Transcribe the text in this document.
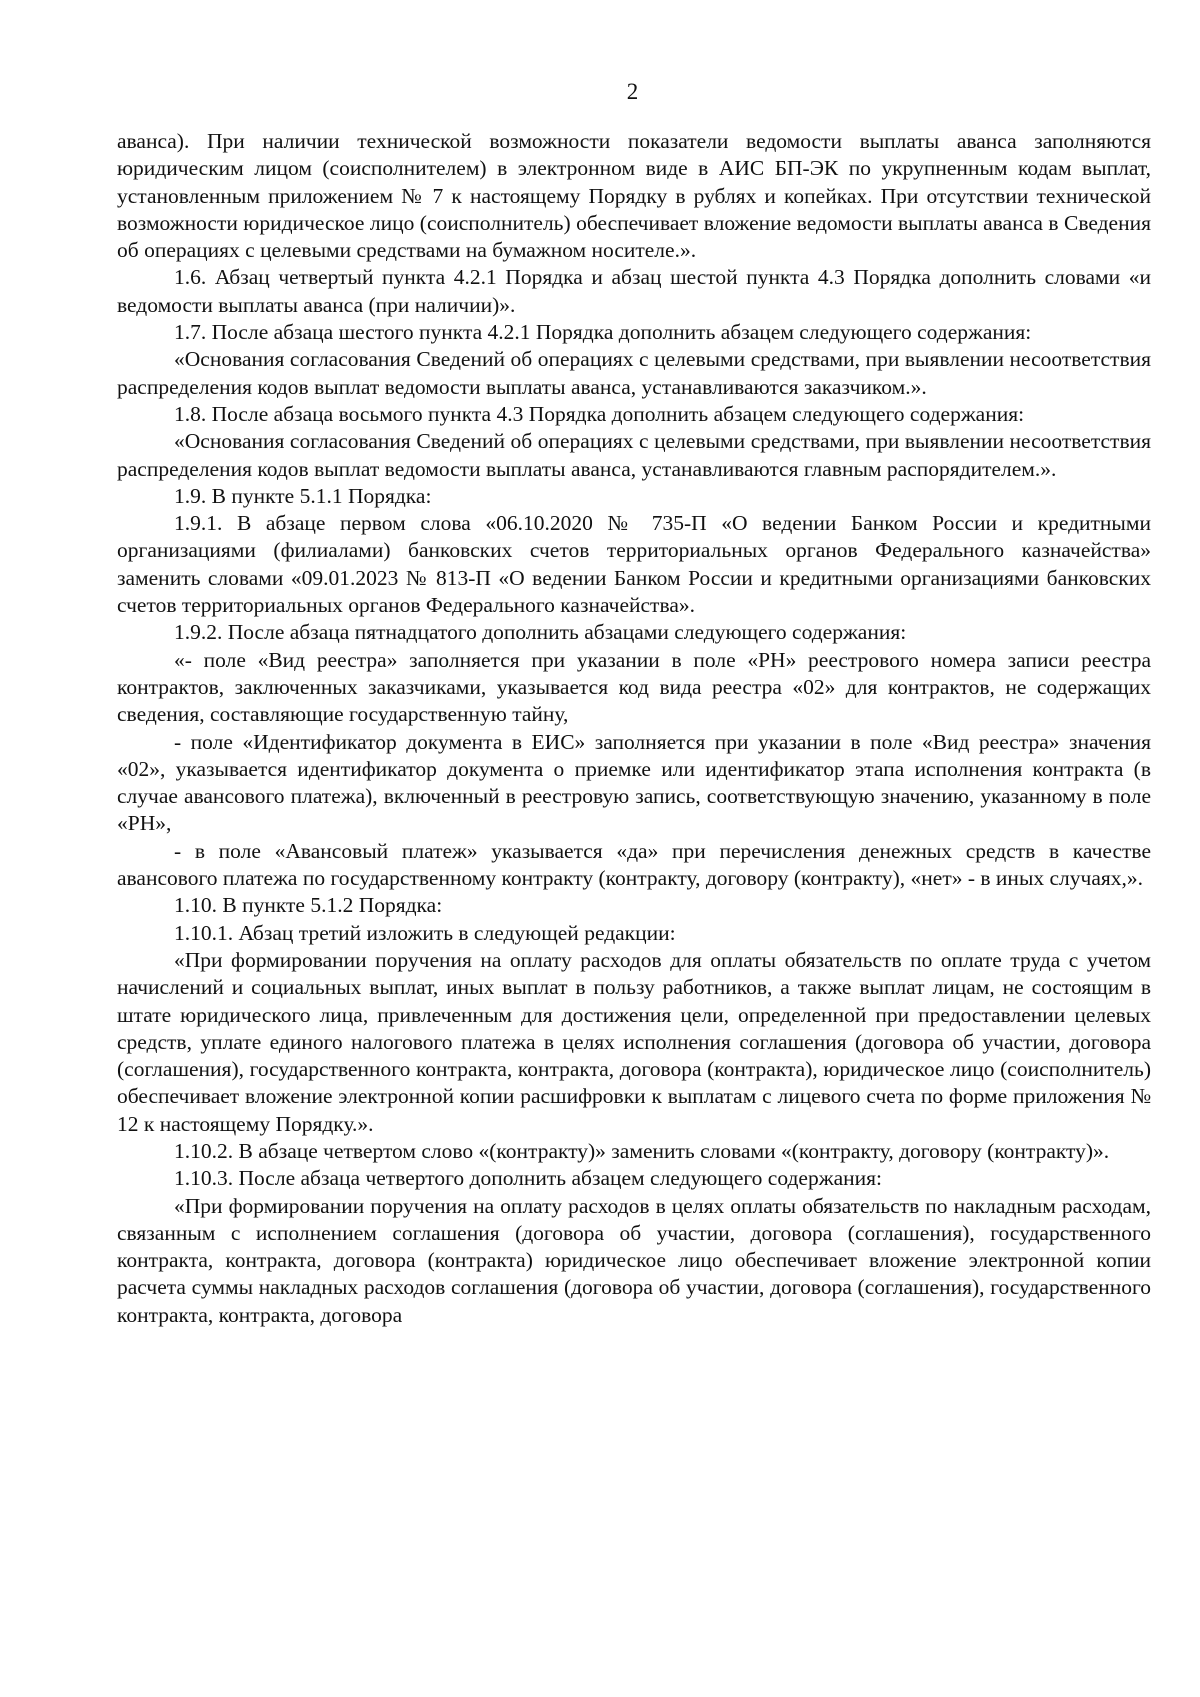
2

аванса). При наличии технической возможности показатели ведомости выплаты аванса заполняются юридическим лицом (соисполнителем) в электронном виде в АИС БП-ЭК по укрупненным кодам выплат, установленным приложением № 7 к настоящему Порядку в рублях и копейках. При отсутствии технической возможности юридическое лицо (соисполнитель) обеспечивает вложение ведомости выплаты аванса в Сведения об операциях с целевыми средствами на бумажном носителе.».

1.6. Абзац четвертый пункта 4.2.1 Порядка и абзац шестой пункта 4.3 Порядка дополнить словами «и ведомости выплаты аванса (при наличии)».

1.7. После абзаца шестого пункта 4.2.1 Порядка дополнить абзацем следующего содержания:

«Основания согласования Сведений об операциях с целевыми средствами, при выявлении несоответствия распределения кодов выплат ведомости выплаты аванса, устанавливаются заказчиком.».

1.8. После абзаца восьмого пункта 4.3 Порядка дополнить абзацем следующего содержания:

«Основания согласования Сведений об операциях с целевыми средствами, при выявлении несоответствия распределения кодов выплат ведомости выплаты аванса, устанавливаются главным распорядителем.».

1.9. В пункте 5.1.1 Порядка:

1.9.1. В абзаце первом слова «06.10.2020 № 735-П «О ведении Банком России и кредитными организациями (филиалами) банковских счетов территориальных органов Федерального казначейства» заменить словами «09.01.2023 № 813-П «О ведении Банком России и кредитными организациями банковских счетов территориальных органов Федерального казначейства».

1.9.2. После абзаца пятнадцатого дополнить абзацами следующего содержания:

«- поле «Вид реестра» заполняется при указании в поле «РН» реестрового номера записи реестра контрактов, заключенных заказчиками, указывается код вида реестра «02» для контрактов, не содержащих сведения, составляющие государственную тайну,

- поле «Идентификатор документа в ЕИС» заполняется при указании в поле «Вид реестра» значения «02», указывается идентификатор документа о приемке или идентификатор этапа исполнения контракта (в случае авансового платежа), включенный в реестровую запись, соответствующую значению, указанному в поле «РН»,

- в поле «Авансовый платеж» указывается «да» при перечисления денежных средств в качестве авансового платежа по государственному контракту (контракту, договору (контракту), «нет» - в иных случаях,».

1.10. В пункте 5.1.2 Порядка:

1.10.1. Абзац третий изложить в следующей редакции:

«При формировании поручения на оплату расходов для оплаты обязательств по оплате труда с учетом начислений и социальных выплат, иных выплат в пользу работников, а также выплат лицам, не состоящим в штате юридического лица, привлеченным для достижения цели, определенной при предоставлении целевых средств, уплате единого налогового платежа в целях исполнения соглашения (договора об участии, договора (соглашения), государственного контракта, контракта, договора (контракта), юридическое лицо (соисполнитель) обеспечивает вложение электронной копии расшифровки к выплатам с лицевого счета по форме приложения № 12 к настоящему Порядку.».

1.10.2. В абзаце четвертом слово «(контракту)» заменить словами «(контракту, договору (контракту)».

1.10.3. После абзаца четвертого дополнить абзацем следующего содержания:

«При формировании поручения на оплату расходов в целях оплаты обязательств по накладным расходам, связанным с исполнением соглашения (договора об участии, договора (соглашения), государственного контракта, контракта, договора (контракта) юридическое лицо обеспечивает вложение электронной копии расчета суммы накладных расходов соглашения (договора об участии, договора (соглашения), государственного контракта, контракта, договора
